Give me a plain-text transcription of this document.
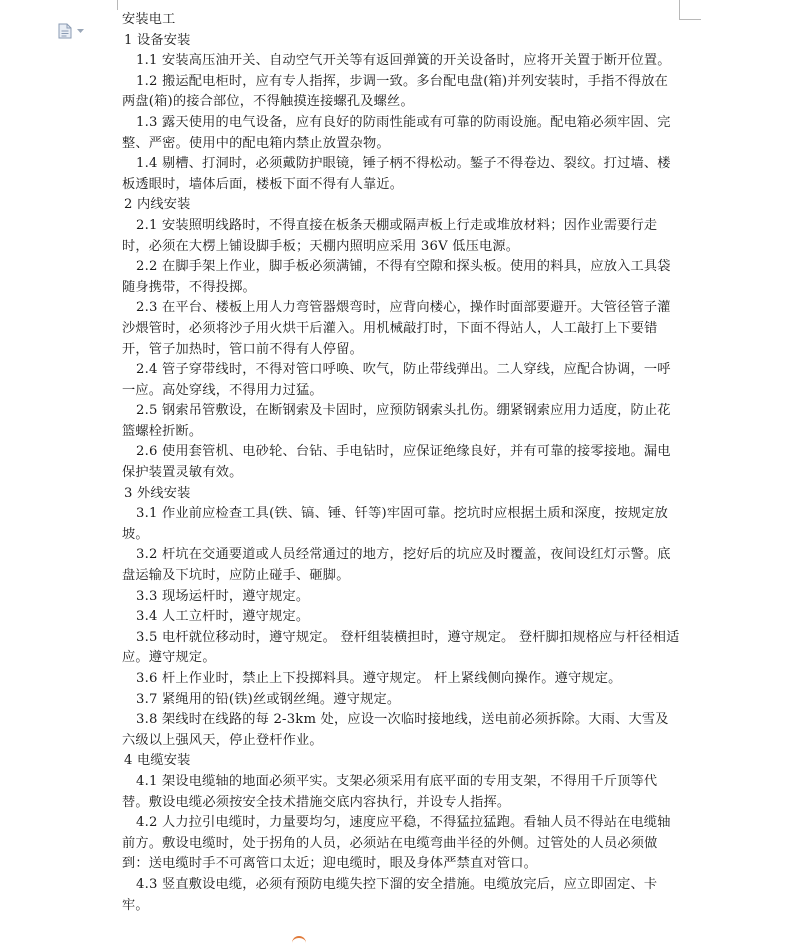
安装电工

1 设备安装

1.1 安装高压油开关、自动空气开关等有返回弹簧的开关设备时，应将开关置于断开位置。

1.2 搬运配电柜时，应有专人指挥，步调一致。多台配电盘(箱)并列安装时，手指不得放在两盘(箱)的接合部位，不得触摸连接螺孔及螺丝。

1.3 露天使用的电气设备，应有良好的防雨性能或有可靠的防雨设施。配电箱必须牢固、完整、严密。使用中的配电箱内禁止放置杂物。

1.4 剔槽、打洞时，必须戴防护眼镜，锤子柄不得松动。錾子不得卷边、裂纹。打过墙、楼板透眼时，墙体后面，楼板下面不得有人靠近。

2 内线安装

2.1 安装照明线路时，不得直接在板条天棚或隔声板上行走或堆放材料；因作业需要行走时，必须在大楞上铺设脚手板；天棚内照明应采用 36V 低压电源。

2.2 在脚手架上作业，脚手板必须满铺，不得有空隙和探头板。使用的料具，应放入工具袋随身携带，不得投掷。

2.3 在平台、楼板上用人力弯管器煨弯时，应背向楼心，操作时面部要避开。大管径管子灌沙煨管时，必须将沙子用火烘干后灌入。用机械敲打时，下面不得站人，人工敲打上下要错开，管子加热时，管口前不得有人停留。

2.4 管子穿带线时，不得对管口呼唤、吹气，防止带线弹出。二人穿线，应配合协调，一呼一应。高处穿线，不得用力过猛。

2.5 钢索吊管敷设，在断钢索及卡固时，应预防钢索头扎伤。绷紧钢索应用力适度，防止花篮螺栓折断。

2.6 使用套管机、电砂轮、台钻、手电钻时，应保证绝缘良好，并有可靠的接零接地。漏电保护装置灵敏有效。

3 外线安装

3.1 作业前应检查工具(铁、镐、锤、钎等)牢固可靠。挖坑时应根据土质和深度，按规定放坡。

3.2 杆坑在交通要道或人员经常通过的地方，挖好后的坑应及时覆盖，夜间设红灯示警。底盘运输及下坑时，应防止碰手、砸脚。

3.3 现场运杆时，遵守规定。

3.4 人工立杆时，遵守规定。

3.5 电杆就位移动时，遵守规定。 登杆组装横担时，遵守规定。 登杆脚扣规格应与杆径相适应。遵守规定。

3.6 杆上作业时，禁止上下投掷料具。遵守规定。 杆上紧线侧向操作。遵守规定。

3.7 紧绳用的铅(铁)丝或钢丝绳。遵守规定。

3.8 架线时在线路的每 2-3km 处，应设一次临时接地线，送电前必须拆除。大雨、大雪及六级以上强风天，停止登杆作业。

4 电缆安装

4.1 架设电缆轴的地面必须平实。支架必须采用有底平面的专用支架，不得用千斤顶等代替。敷设电缆必须按安全技术措施交底内容执行，并设专人指挥。

4.2 人力拉引电缆时，力量要均匀，速度应平稳，不得猛拉猛跑。看轴人员不得站在电缆轴前方。敷设电缆时，处于拐角的人员，必须站在电缆弯曲半径的外侧。过管处的人员必须做到：送电缆时手不可离管口太近；迎电缆时，眼及身体严禁直对管口。

4.3 竖直敷设电缆，必须有预防电缆失控下溜的安全措施。电缆放完后，应立即固定、卡牢。
